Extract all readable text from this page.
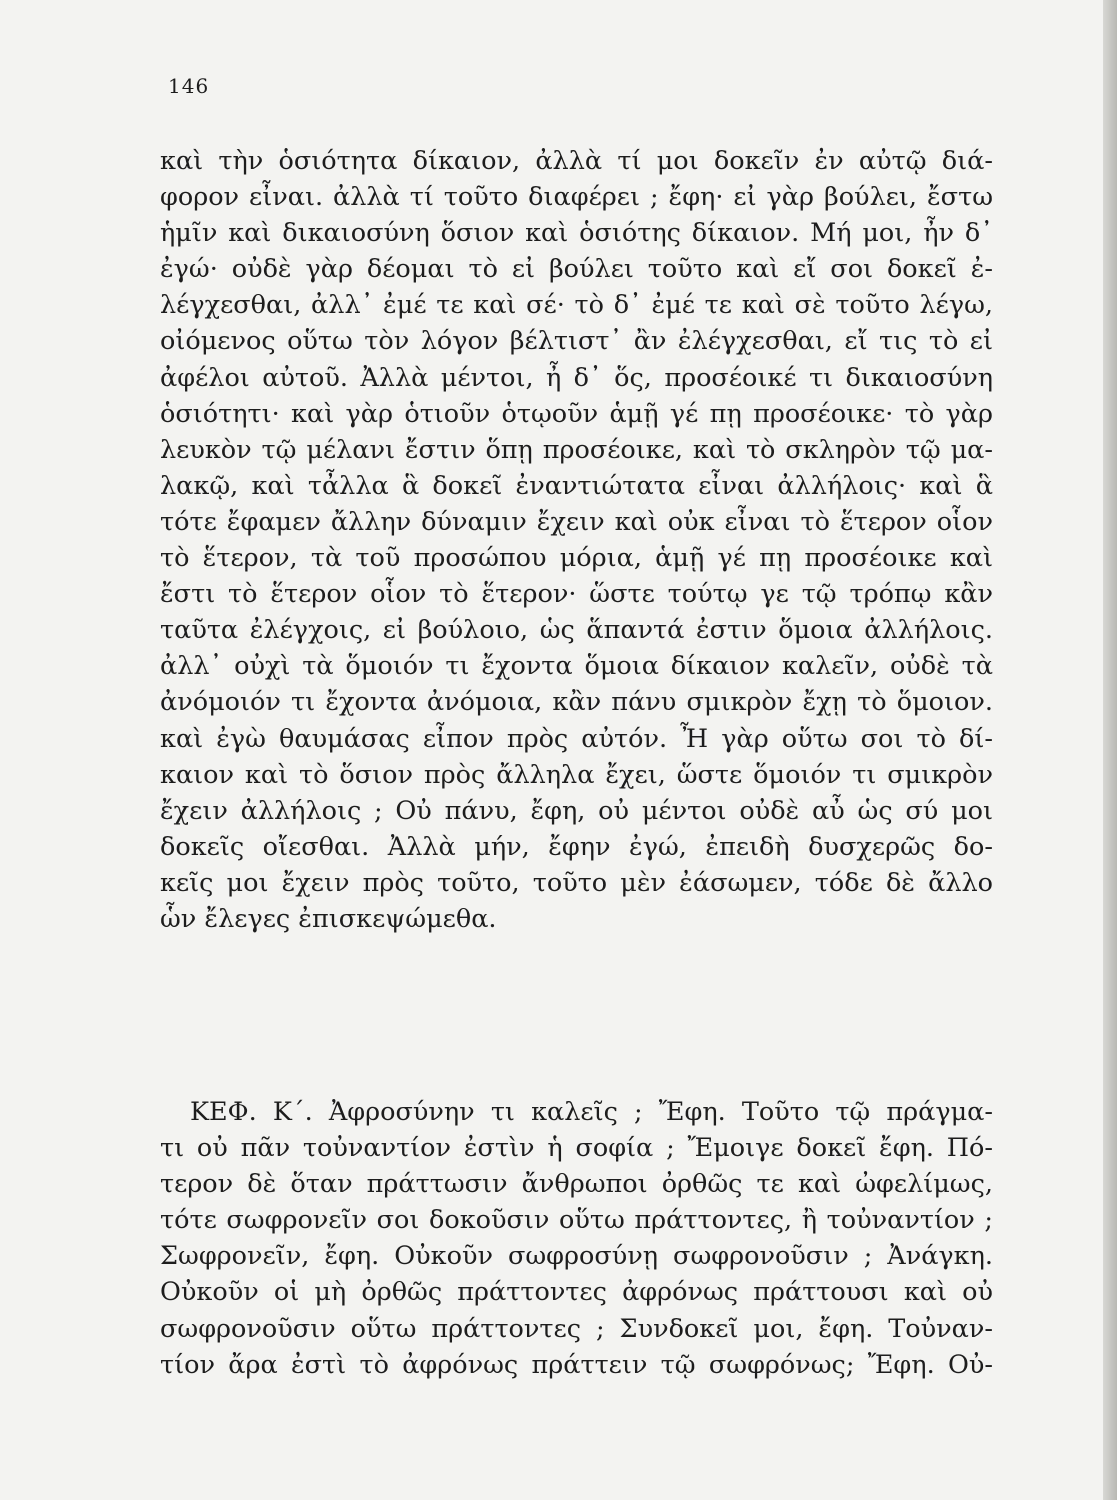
146
καὶ τὴν ὁσιότητα δίκαιον, ἀλλὰ τί μοι δοκεῖν ἐν αὐτῷ διά-
φορον εἶναι. ἀλλὰ τί τοῦτο διαφέρει ; ἔφη· εἰ γὰρ βούλει, ἔστω
ἡμῖν καὶ δικαιοσύνη ὅσιον καὶ ὁσιότης δίκαιον. Μή μοι, ἦν δ᾽
ἐγώ· οὐδὲ γὰρ δέομαι τὸ εἰ βούλει τοῦτο καὶ εἴ σοι δοκεῖ ἐ-
λέγχεσθαι, ἀλλ᾽ ἐμέ τε καὶ σέ· τὸ δ᾽ ἐμέ τε καὶ σὲ τοῦτο λέγω,
οἰόμενος οὕτω τὸν λόγον βέλτιστ᾽ ἂν ἐλέγχεσθαι, εἴ τις τὸ εἰ
ἀφέλοι αὐτοῦ. Ἀλλὰ μέντοι, ἦ δ᾽ ὅς, προσέοικέ τι δικαιοσύνη
ὁσιότητι· καὶ γὰρ ὁτιοῦν ὁτῳοῦν ἁμῇ γέ πῃ προσέοικε· τὸ γὰρ
λευκὸν τῷ μέλανι ἔστιν ὅπῃ προσέοικε, καὶ τὸ σκληρὸν τῷ μα-
λακῷ, καὶ τἆλλα ἃ δοκεῖ ἐναντιώτατα εἶναι ἀλλήλοις· καὶ ἃ
τότε ἔφαμεν ἄλλην δύναμιν ἔχειν καὶ οὐκ εἶναι τὸ ἕτερον οἷον
τὸ ἕτερον, τὰ τοῦ προσώπου μόρια, ἁμῇ γέ πῃ προσέοικε καὶ
ἔστι τὸ ἕτερον οἷον τὸ ἕτερον· ὥστε τούτῳ γε τῷ τρόπῳ κἂν
ταῦτα ἐλέγχοις, εἰ βούλοιο, ὡς ἅπαντά ἐστιν ὅμοια ἀλλήλοις.
ἀλλ᾽ οὐχὶ τὰ ὅμοιόν τι ἔχοντα ὅμοια δίκαιον καλεῖν, οὐδὲ τὰ
ἀνόμοιόν τι ἔχοντα ἀνόμοια, κἂν πάνυ σμικρὸν ἔχῃ τὸ ὅμοιον.
καὶ ἐγὼ θαυμάσας εἶπον πρὸς αὐτόν. Ἦ γὰρ οὕτω σοι τὸ δί-
καιον καὶ τὸ ὅσιον πρὸς ἄλληλα ἔχει, ὥστε ὅμοιόν τι σμικρὸν
ἔχειν ἀλλήλοις ; Οὐ πάνυ, ἔφη, οὐ μέντοι οὐδὲ αὖ ὡς σύ μοι
δοκεῖς οἴεσθαι. Ἀλλὰ μήν, ἔφην ἐγώ, ἐπειδὴ δυσχερῶς δο-
κεῖς μοι ἔχειν πρὸς τοῦτο, τοῦτο μὲν ἐάσωμεν, τόδε δὲ ἄλλο
ὧν ἔλεγες ἐπισκεψώμεθα.
ΚΕΦ. Κ΄. Ἀφροσύνην τι καλεῖς ; Ἔφη. Τοῦτο τῷ πράγμα-
τι οὐ πᾶν τοὐναντίον ἐστὶν ἡ σοφία ; Ἔμοιγε δοκεῖ ἔφη. Πό-
τερον δὲ ὅταν πράττωσιν ἄνθρωποι ὀρθῶς τε καὶ ὠφελίμως,
τότε σωφρονεῖν σοι δοκοῦσιν οὕτω πράττοντες, ἢ τοὐναντίον ;
Σωφρονεῖν, ἔφη. Οὐκοῦν σωφροσύνῃ σωφρονοῦσιν ; Ἀνάγκη.
Οὐκοῦν οἱ μὴ ὀρθῶς πράττοντες ἀφρόνως πράττουσι καὶ οὐ
σωφρονοῦσιν οὕτω πράττοντες ; Συνδοκεῖ μοι, ἔφη. Τοὐναν-
τίον ἄρα ἐστὶ τὸ ἀφρόνως πράττειν τῷ σωφρόνως; Ἔφη. Οὐ-
